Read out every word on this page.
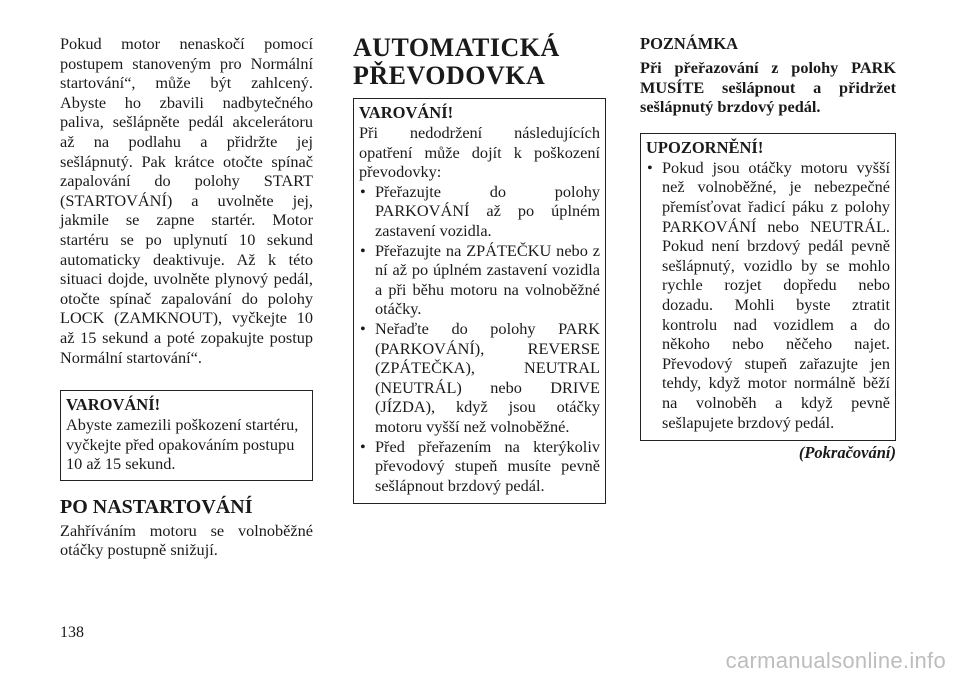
Pokud motor nenaskočí pomocí postupem stanoveným pro Normální startování“, může být zahlcený. Abyste ho zbavili nadbytečného paliva, sešlápněte pedál akcelerátoru až na podlahu a přidržte jej sešlápnutý. Pak krátce otočte spínač zapalování do polohy START (STARTOVÁNÍ) a uvolněte jej, jakmile se zapne startér. Motor startéru se po uplynutí 10 sekund automaticky deaktivuje. Až k této situaci dojde, uvolněte plynový pedál, otočte spínač zapalování do polohy LOCK (ZAMKNOUT), vyčkejte 10 až 15 sekund a poté zopakujte postup Normální startování“.

VAROVÁNÍ!

Abyste zamezili poškození startéru, vyčkejte před opakováním postupu 10 až 15 sekund.

PO NASTARTOVÁNÍ

Zahříváním motoru se volnoběžné otáčky postupně snižují.

AUTOMATICKÁ PŘEVODOVKA
VAROVÁNÍ!

Při nedodržení následujících opatření může dojít k poškození převodovky:

• Přeřazujte do polohy PARKOVÁNÍ až po úplném zastavení vozidla.
• Přeřazujte na ZPÁTEČKU nebo z ní až po úplném zastavení vozidla a při běhu motoru na volnoběžné otáčky.
• Neřaďte do polohy PARK (PARKOVÁNÍ), REVERSE (ZPÁTEČKA), NEUTRAL (NEUTRÁL) nebo DRIVE (JÍZDA), když jsou otáčky motoru vyšší než volnoběžné.
• Před přeřazením na kterýkoliv převodový stupeň musíte pevně sešlápnout brzdový pedál.
POZNÁMKA

Při přeřazování z polohy PARK MUSÍTE sešlápnout a přidržet sešlápnutý brzdový pedál.

UPOZORNĚNÍ!
• Pokud jsou otáčky motoru vyšší než volnoběžné, je nebezpečné přemísťovat řadicí páku z polohy PARKOVÁNÍ nebo NEUTRÁL. Pokud není brzdový pedál pevně sešlápnutý, vozidlo by se mohlo rychle rozjet dopředu nebo dozadu. Mohli byste ztratit kontrolu nad vozidlem a do někoho nebo něčeho najet. Převodový stupeň zařazujte jen tehdy, když motor normálně běží na volnoběh a když pevně sešlapujete brzdový pedál.
(Pokračování)
138
carmanualsonline.info
